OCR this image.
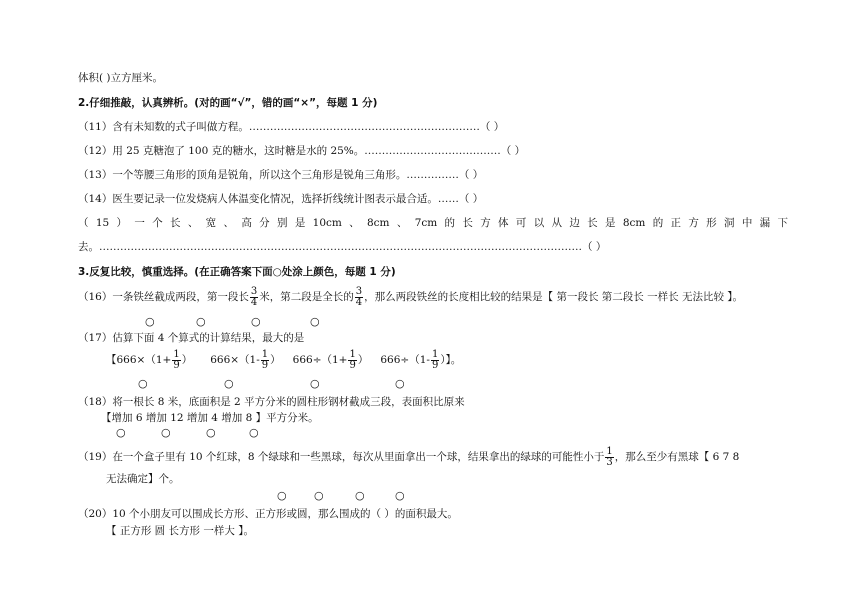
体积( )立方厘米。
2.仔细推敲，认真辨析。(对的画“√”，错的画“×”，每题 1 分)
（11）含有未知数的式子叫做方程。…………………………………………………………（ ）
（12）用 25 克糖泡了 100 克的糖水，这时糖是水的 25%。…………………………………（ ）
（13）一个等腰三角形的顶角是锐角，所以这个三角形是锐角三角形。……………（ ）
（14）医生要记录一位发烧病人体温变化情况，选择折线统计图表示最合适。……（ ）
（ 15 ） 一 个 长 、 宽 、 高 分 别 是 10cm 、 8cm 、 7cm 的 长 方 体 可 以 从 边 长 是 8cm 的 正 方 形 洞 中 漏 下
去。…………………………………………………………………………………………………………………………（ ）
3.反复比较，慎重选择。(在正确答案下面○处涂上颜色，每题 1 分)
（16）一条铁丝截成两段，第一段长 $\frac{3}{4}$ 米，第二段是全长的 $\frac{3}{4}$ ，那么两段铁丝的长度相比较的结果是【 第一段长 第二段长 一样长 无法比较 】。
○	○	○	○
（17）估算下面 4 个算式的计算结果，最大的是
【$666\times(1+ \frac{1}{9}$ ） $666\times(1- \frac{1}{9}$ ） $666\div(1+ \frac{1}{9}$ ） $666\div(1- \frac{1}{9}$ ）】。
○	○	○	○
（18）将一根长 8 米，底面积是 2 平方分米的圆柱形钢材截成三段，表面积比原来
【增加 6 增加 12 增加 4 增加 8 】平方分米。
○	○	○	○
（19）在一个盒子里有 10 个红球，8 个绿球和一些黑球，每次从里面拿出一个球，结果拿出的绿球的可能性小于 $\frac{1}{3}$ ，那么至少有黑球【 6 7 8
无法确定】个。
○ ○	○	○
（20）10 个小朋友可以围成长方形、正方形或圆，那么围成的（ ）的面积最大。
【 正方形 圆 长方形 一样大 】。
